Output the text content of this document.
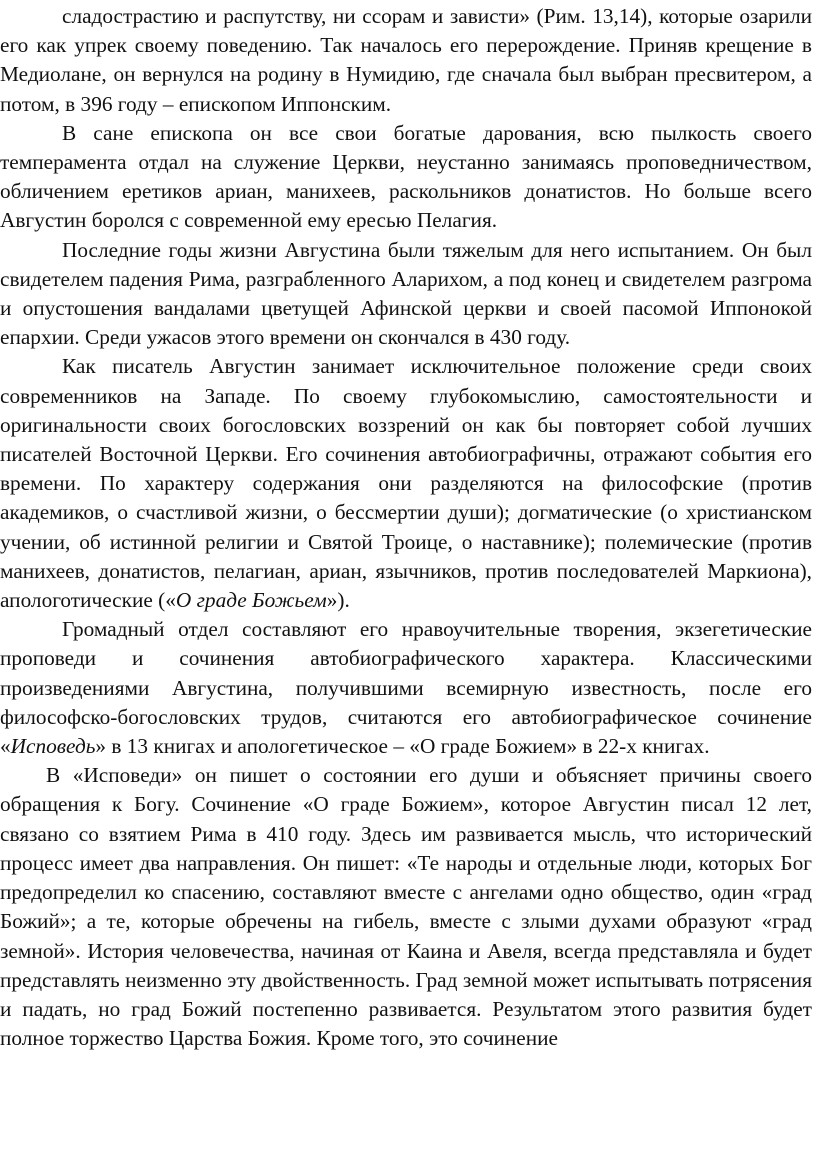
сладострастию и распутству, ни ссорам и зависти» (Рим. 13,14), которые озарили его как упрек своему поведению. Так началось его перерождение. Приняв крещение в Медиолане, он вернулся на родину в Нумидию, где сначала был выбран пресвитером, а потом, в 396 году – епископом Иппонским.

В сане епископа он все свои богатые дарования, всю пылкость своего темперамента отдал на служение Церкви, неустанно занимаясь проповедничеством, обличением еретиков ариан, манихеев, раскольников донатистов. Но больше всего Августин боролся с современной ему ересью Пелагия.

Последние годы жизни Августина были тяжелым для него испытанием. Он был свидетелем падения Рима, разграбленного Аларихом, а под конец и свидетелем разгрома и опустошения вандалами цветущей Афинской церкви и своей пасомой Иппонокой епархии. Среди ужасов этого времени он скончался в 430 году.

Как писатель Августин занимает исключительное положение среди своих современников на Западе. По своему глубокомыслию, самостоятельности и оригинальности своих богословских воззрений он как бы повторяет собой лучших писателей Восточной Церкви. Его сочинения автобиографичны, отражают события его времени. По характеру содержания они разделяются на философские (против академиков, о счастливой жизни, о бессмертии души); догматические (о христианском учении, об истинной религии и Святой Троице, о наставнике); полемические (против манихеев, донатистов, пелагиан, ариан, язычников, против последователей Маркиона), апологотические («О граде Божьем»).

Громадный отдел составляют его нравоучительные творения, экзегетические проповеди и сочинения автобиографического характера. Классическими произведениями Августина, получившими всемирную известность, после его философско-богословских трудов, считаются его автобиографическое сочинение «Исповедь» в 13 книгах и апологетическое – «О граде Божием» в 22-х книгах.

В «Исповеди» он пишет о состоянии его души и объясняет причины своего обращения к Богу. Сочинение «О граде Божием», которое Августин писал 12 лет, связано со взятием Рима в 410 году. Здесь им развивается мысль, что исторический процесс имеет два направления. Он пишет: «Те народы и отдельные люди, которых Бог предопределил ко спасению, составляют вместе с ангелами одно общество, один «град Божий»; а те, которые обречены на гибель, вместе с злыми духами образуют «град земной». История человечества, начиная от Каина и Авеля, всегда представляла и будет представлять неизменно эту двойственность. Град земной может испытывать потрясения и падать, но град Божий постепенно развивается. Результатом этого развития будет полное торжество Царства Божия. Кроме того, это сочинение
